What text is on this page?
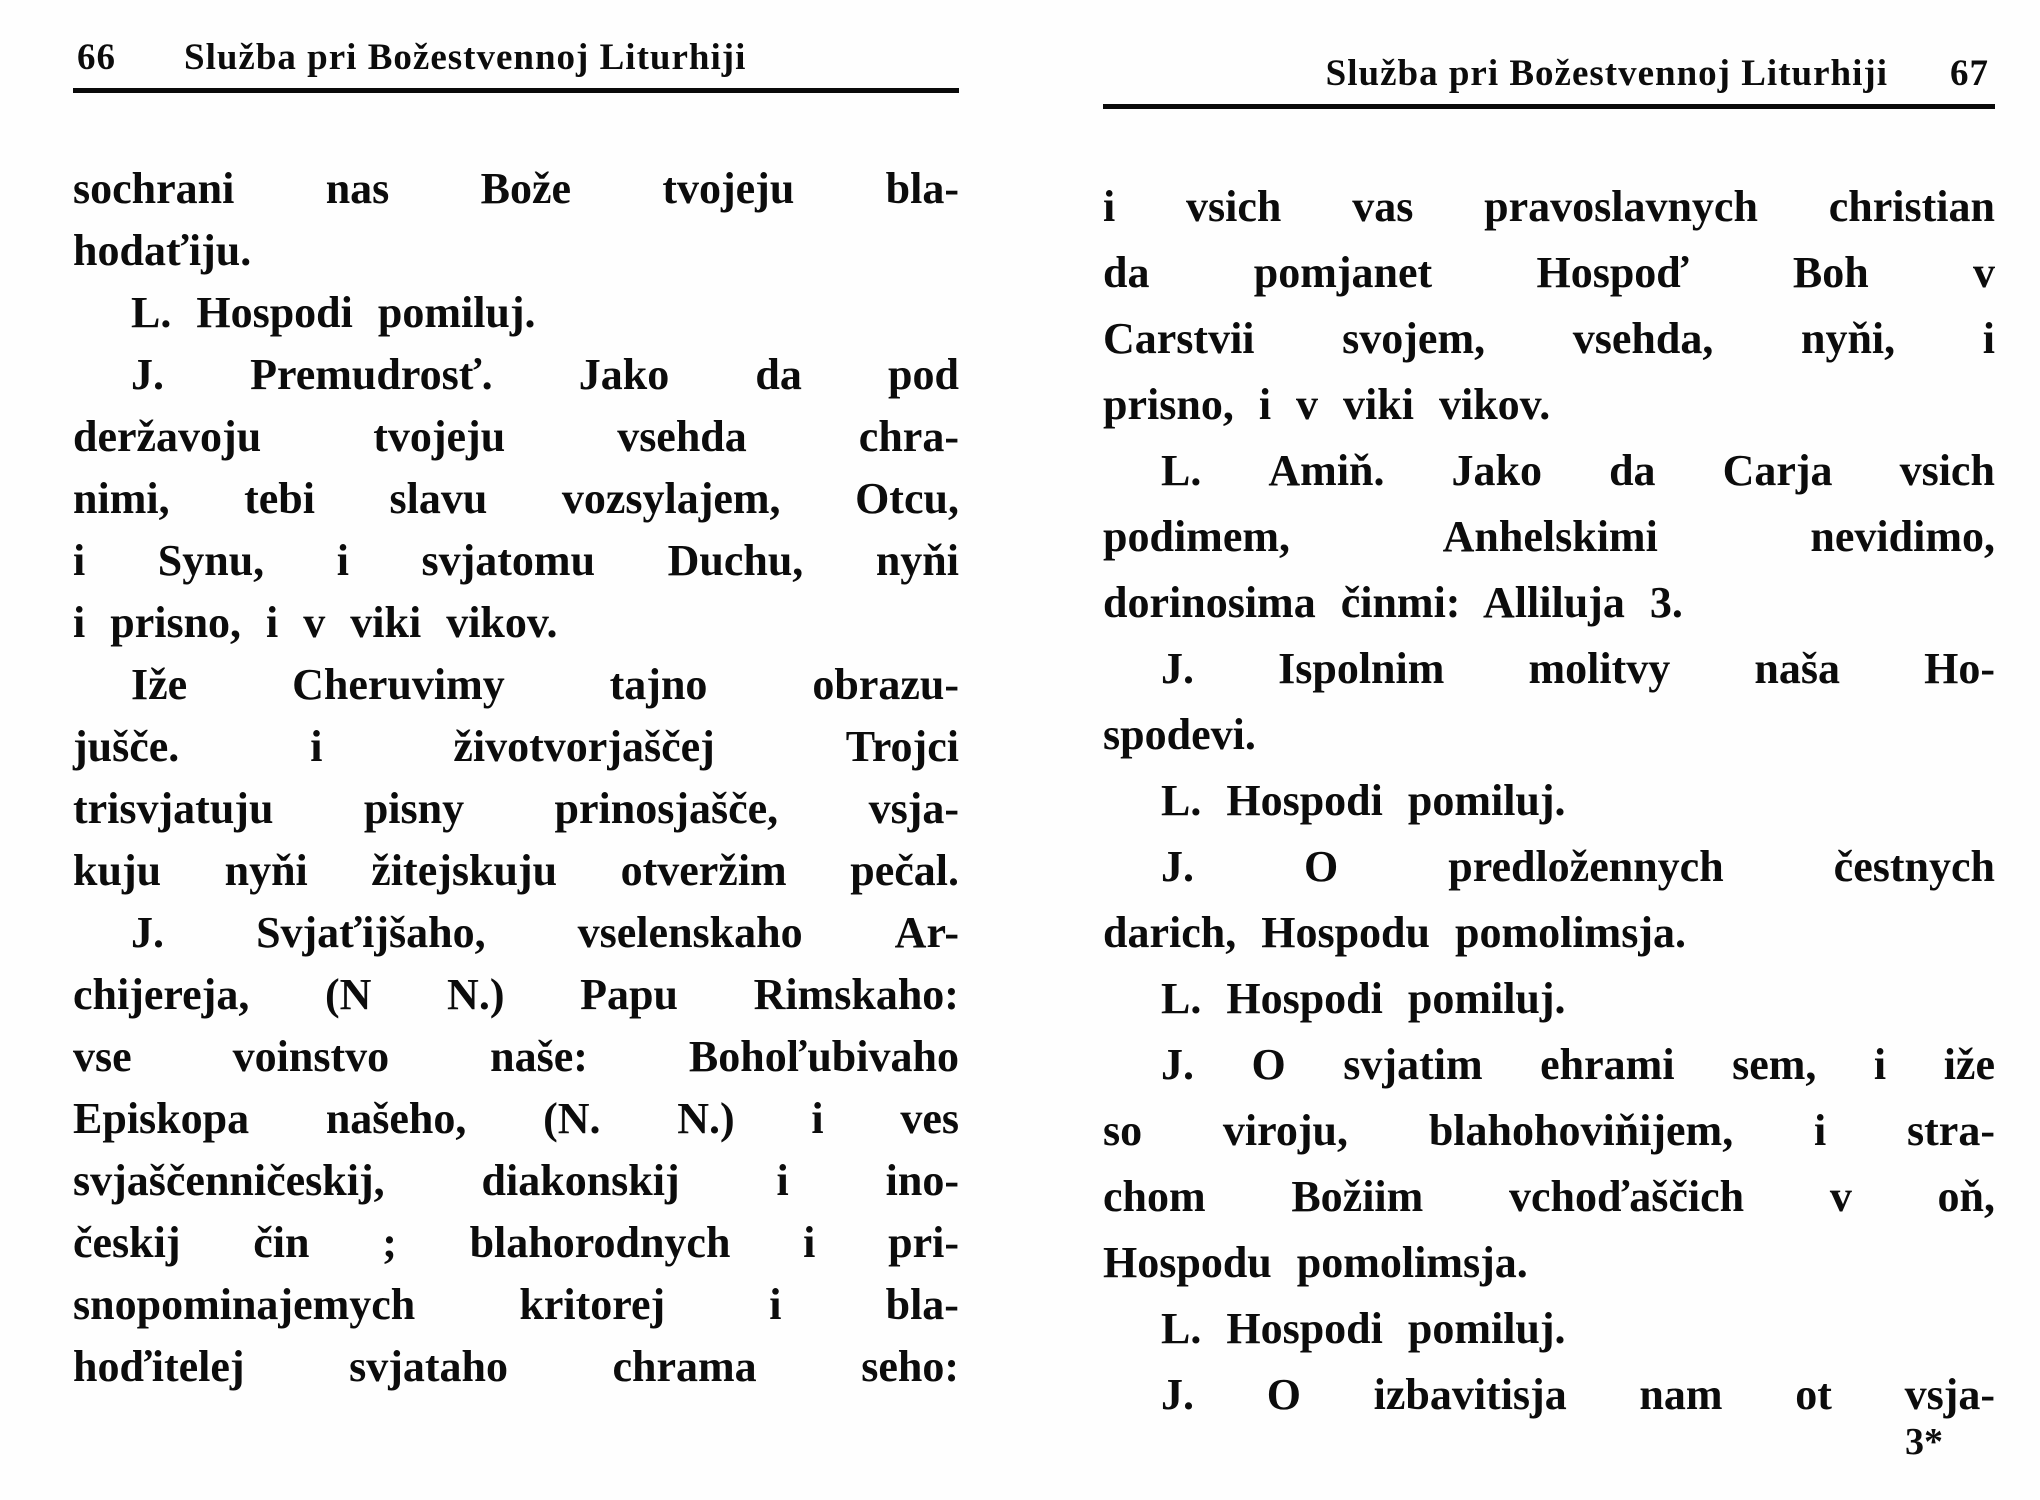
66 Služba pri Božestvennoj Liturhiji
sochrani nas Bože tvojeju bla-
hodaťiju.
L. Hospodi pomiluj.
J. Premudrosť. Jako da pod
deržavoju	tvojeju	vsehda	chra-
nimi, tebi slavu vozsylajem, Otcu,
i Synu, i svjatomu Duchu, nyňi
i prisno, i v viki vikov.
Iže Cheruvimy tajno obrazu-
jušče.	i	životvorjaščej	Trojci
trisvjatuju pisny prinosjašče, vsja-
kuju nyňi žitejskuju otveržim pečal.
J. Svjaťijšaho, vselenskaho Ar-
chijereja, (N N.) Papu Rimskaho:
vse voinstvo naše: Bohoľubivaho
Episkopa našeho, (N. N.) i ves
svjaščenničeskij, diakonskij i ino-
českij čin ; blahorodnych i pri-
snopominajemych kritorej i bla-
hoďitelej svjataho chrama seho:
Služba pri Božestvennoj Liturhiji 67
i vsich vas pravoslavnych christian
da pomjanet Hospoď Boh v
Carstvii svojem, vsehda, nyňi, i
prisno, i v viki vikov.
L. Amiň. Jako da Carja vsich
podimem,	Anhelskimi	nevidimo,
dorinosima činmi: Alliluja 3.
J. Ispolnim molitvy naša Ho-
spodevi.
L. Hospodi pomiluj.
J.	O	predložennych	čestnych
darich, Hospodu pomolimsja.
L. Hospodi pomiluj.
J. O svjatim ehrami sem, i iže
so viroju, blahohoviňijem, i stra-
chom Božiim vchoďaščich v oň,
Hospodu pomolimsja.
L. Hospodi pomiluj.
J. O izbavitisja nam ot vsja-
3*
